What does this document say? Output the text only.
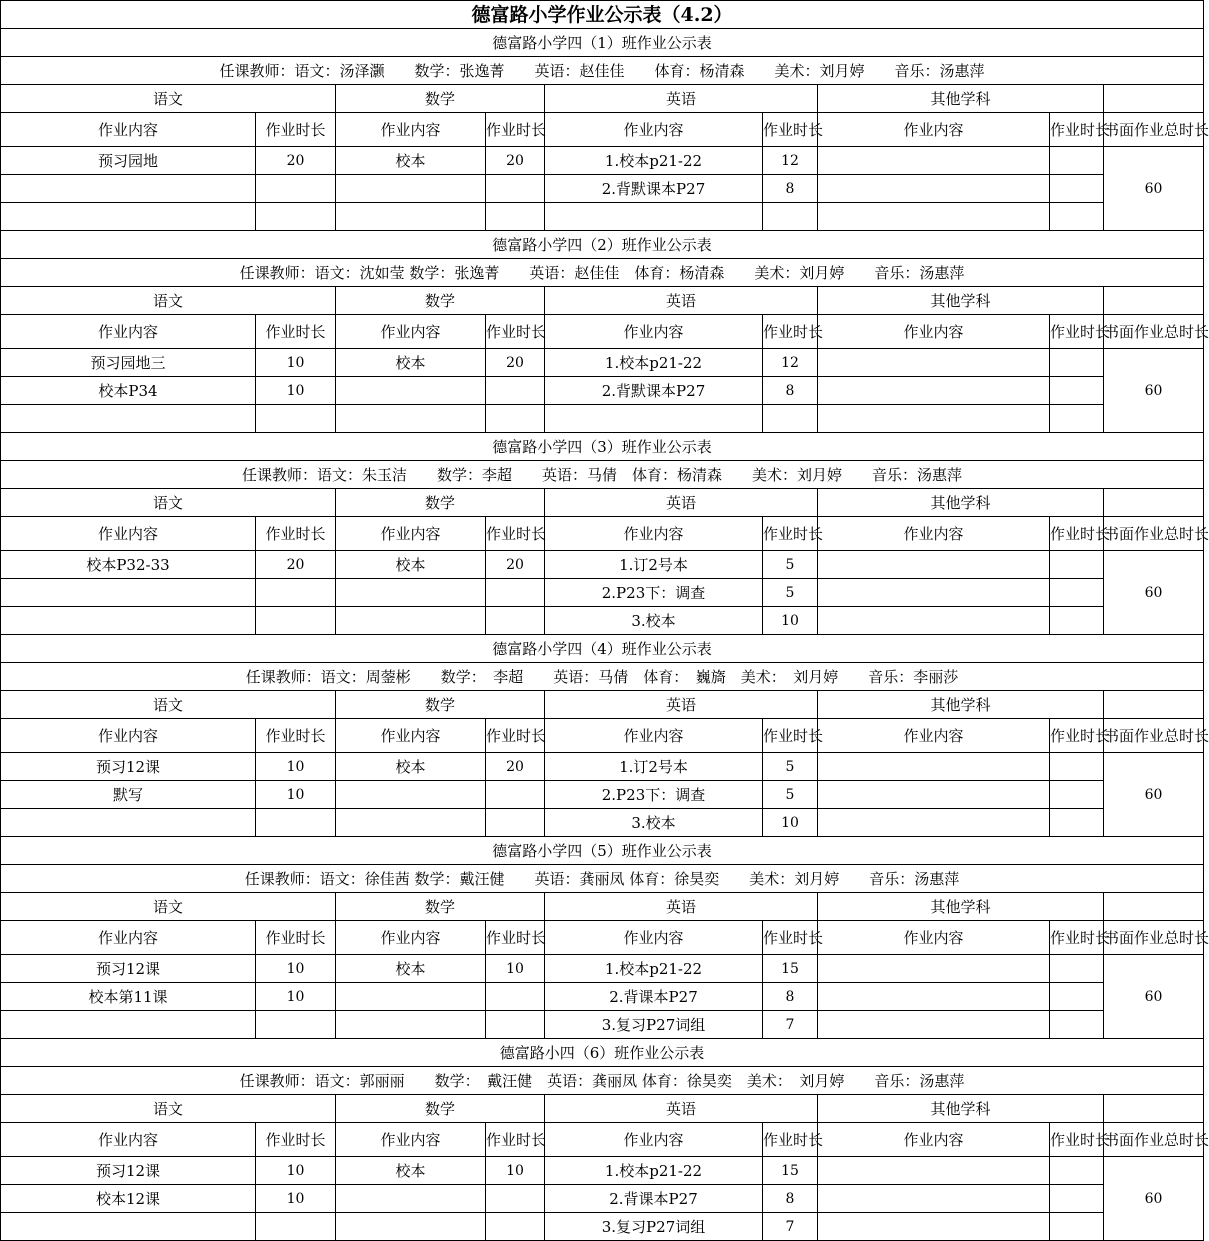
德富路小学作业公示表（4.2）								
德富路小学四（1）班作业公示表								
任课教师：语文：汤泽灏　　数学：张逸菁　　英语：赵佳佳　　体育：杨清森　　美术：刘月婷　　音乐：汤惠萍								
语文		数学		英语		其他学科		
作业内容	作业时长	作业内容	作业时长	作业内容	作业时长	作业内容	作业时长	书面作业总时长
预习园地	20	校本	20	1.校本p21-22	12			60
				2.背默课本P27	8			

德富路小学四（2）班作业公示表								
任课教师：语文：沈如莹 数学：张逸菁　　英语：赵佳佳　体育：杨清森　　美术：刘月婷　　音乐：汤惠萍								
语文		数学		英语		其他学科		
作业内容	作业时长	作业内容	作业时长	作业内容	作业时长	作业内容	作业时长	书面作业总时长
预习园地三	10	校本	20	1.校本p21-22	12			60
校本P34	10			2.背默课本P27	8			

德富路小学四（3）班作业公示表								
任课教师：语文：朱玉洁　　数学：李超　　英语：马倩　体育：杨清森　　美术：刘月婷　　音乐：汤惠萍								
语文		数学		英语		其他学科		
作业内容	作业时长	作业内容	作业时长	作业内容	作业时长	作业内容	作业时长	书面作业总时长
校本P32-33	20	校本	20	1.订2号本	5			60
				2.P23下：调查	5			
				3.校本	10			
德富路小学四（4）班作业公示表								
任课教师：语文：周蓥彬　　数学：　李超　　英语：马倩　体育：　巍旖　美术：　刘月婷　　音乐：李丽莎								
语文		数学		英语		其他学科		
作业内容	作业时长	作业内容	作业时长	作业内容	作业时长	作业内容	作业时长	书面作业总时长
预习12课	10	校本	20	1.订2号本	5			60
默写	10			2.P23下：调查	5			
				3.校本	10			
德富路小学四（5）班作业公示表								
任课教师：语文：徐佳茜 数学：戴汪健　　英语：龚丽凤 体育：徐昊奕　　美术：刘月婷　　音乐：汤惠萍								
语文		数学		英语		其他学科		
作业内容	作业时长	作业内容	作业时长	作业内容	作业时长	作业内容	作业时长	书面作业总时长
预习12课	10	校本	10	1.校本p21-22	15			60
校本第11课	10			2.背课本P27	8			
				3.复习P27词组	7			
德富路小四（6）班作业公示表								
任课教师：语文：郭丽丽　　数学：　戴汪健　英语：龚丽凤 体育：徐昊奕　美术：　刘月婷　　音乐：汤惠萍								
语文		数学		英语		其他学科		
作业内容	作业时长	作业内容	作业时长	作业内容	作业时长	作业内容	作业时长	书面作业总时长
预习12课	10	校本	10	1.校本p21-22	15			60
校本12课	10			2.背课本P27	8			
				3.复习P27词组	7			
